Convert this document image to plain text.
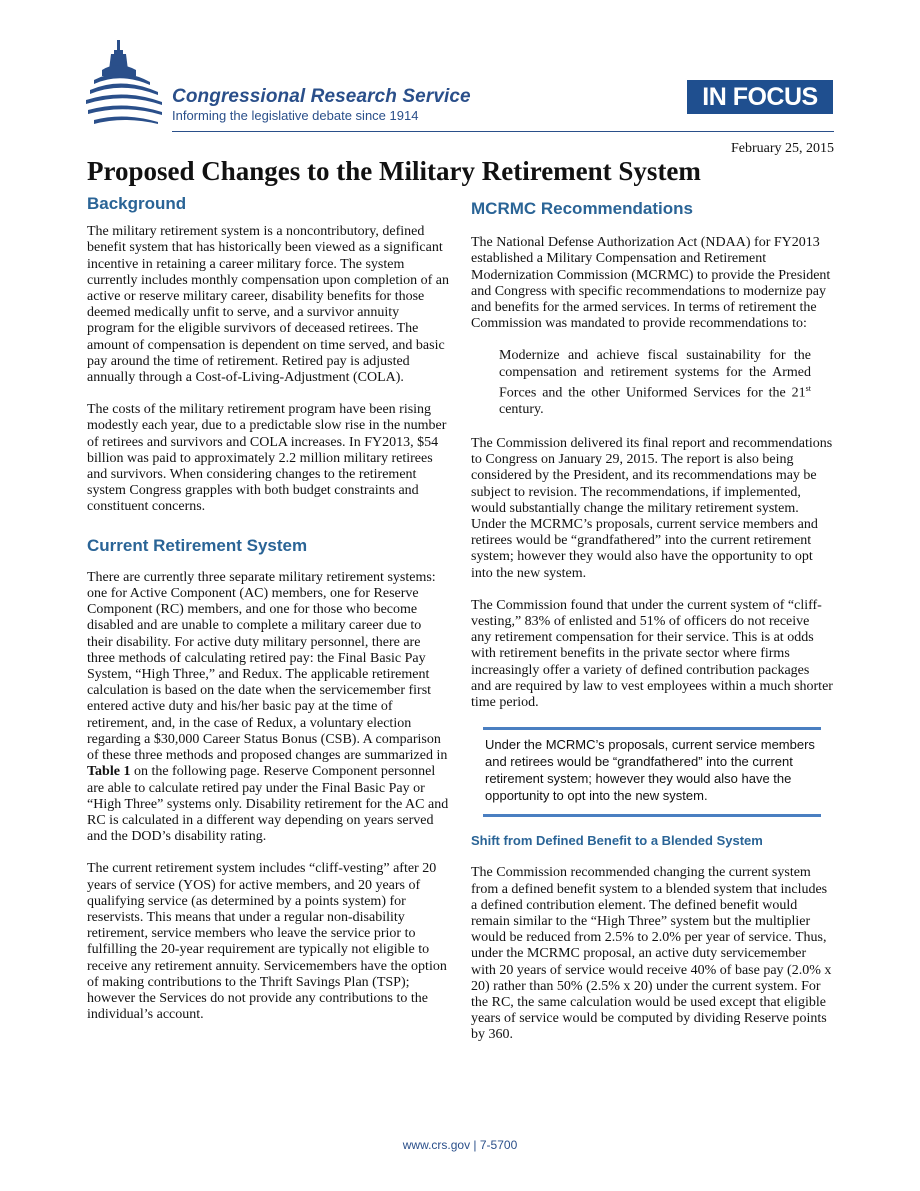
Congressional Research Service
Informing the legislative debate since 1914
IN FOCUS
February 25, 2015
Proposed Changes to the Military Retirement System
Background

The military retirement system is a noncontributory, defined benefit system that has historically been viewed as a significant incentive in retaining a career military force. The system currently includes monthly compensation upon completion of an active or reserve military career, disability benefits for those deemed medically unfit to serve, and a survivor annuity program for the eligible survivors of deceased retirees. The amount of compensation is dependent on time served, and basic pay around the time of retirement. Retired pay is adjusted annually through a Cost-of-Living-Adjustment (COLA).

The costs of the military retirement program have been rising modestly each year, due to a predictable slow rise in the number of retirees and survivors and COLA increases. In FY2013, $54 billion was paid to approximately 2.2 million military retirees and survivors. When considering changes to the retirement system Congress grapples with both budget constraints and constituent concerns.

Current Retirement System

There are currently three separate military retirement systems: one for Active Component (AC) members, one for Reserve Component (RC) members, and one for those who become disabled and are unable to complete a military career due to their disability. For active duty military personnel, there are three methods of calculating retired pay: the Final Basic Pay System, “High Three,” and Redux. The applicable retirement calculation is based on the date when the servicemember first entered active duty and his/her basic pay at the time of retirement, and, in the case of Redux, a voluntary election regarding a $30,000 Career Status Bonus (CSB). A comparison of these three methods and proposed changes are summarized in Table 1 on the following page. Reserve Component personnel are able to calculate retired pay under the Final Basic Pay or “High Three” systems only. Disability retirement for the AC and RC is calculated in a different way depending on years served and the DOD’s disability rating.

The current retirement system includes “cliff-vesting” after 20 years of service (YOS) for active members, and 20 years of qualifying service (as determined by a points system) for reservists. This means that under a regular non-disability retirement, service members who leave the service prior to fulfilling the 20-year requirement are typically not eligible to receive any retirement annuity. Servicemembers have the option of making contributions to the Thrift Savings Plan (TSP); however the Services do not provide any contributions to the individual’s account.

MCRMC Recommendations

The National Defense Authorization Act (NDAA) for FY2013 established a Military Compensation and Retirement Modernization Commission (MCRMC) to provide the President and Congress with specific recommendations to modernize pay and benefits for the armed services. In terms of retirement the Commission was mandated to provide recommendations to:

Modernize and achieve fiscal sustainability for the compensation and retirement systems for the Armed Forces and the other Uniformed Services for the 21st century.

The Commission delivered its final report and recommendations to Congress on January 29, 2015. The report is also being considered by the President, and its recommendations may be subject to revision. The recommendations, if implemented, would substantially change the military retirement system. Under the MCRMC’s proposals, current service members and retirees would be “grandfathered” into the current retirement system; however they would also have the opportunity to opt into the new system.

The Commission found that under the current system of “cliff-vesting,” 83% of enlisted and 51% of officers do not receive any retirement compensation for their service. This is at odds with retirement benefits in the private sector where firms increasingly offer a variety of defined contribution packages and are required by law to vest employees within a much shorter time period.

Under the MCRMC’s proposals, current service members and retirees would be “grandfathered” into the current retirement system; however they would also have the opportunity to opt into the new system.
Shift from Defined Benefit to a Blended System

The Commission recommended changing the current system from a defined benefit system to a blended system that includes a defined contribution element. The defined benefit would remain similar to the “High Three” system but the multiplier would be reduced from 2.5% to 2.0% per year of service. Thus, under the MCRMC proposal, an active duty servicemember with 20 years of service would receive 40% of base pay (2.0% x 20) rather than 50% (2.5% x 20) under the current system. For the RC, the same calculation would be used except that eligible years of service would be computed by dividing Reserve points by 360.

www.crs.gov | 7-5700
